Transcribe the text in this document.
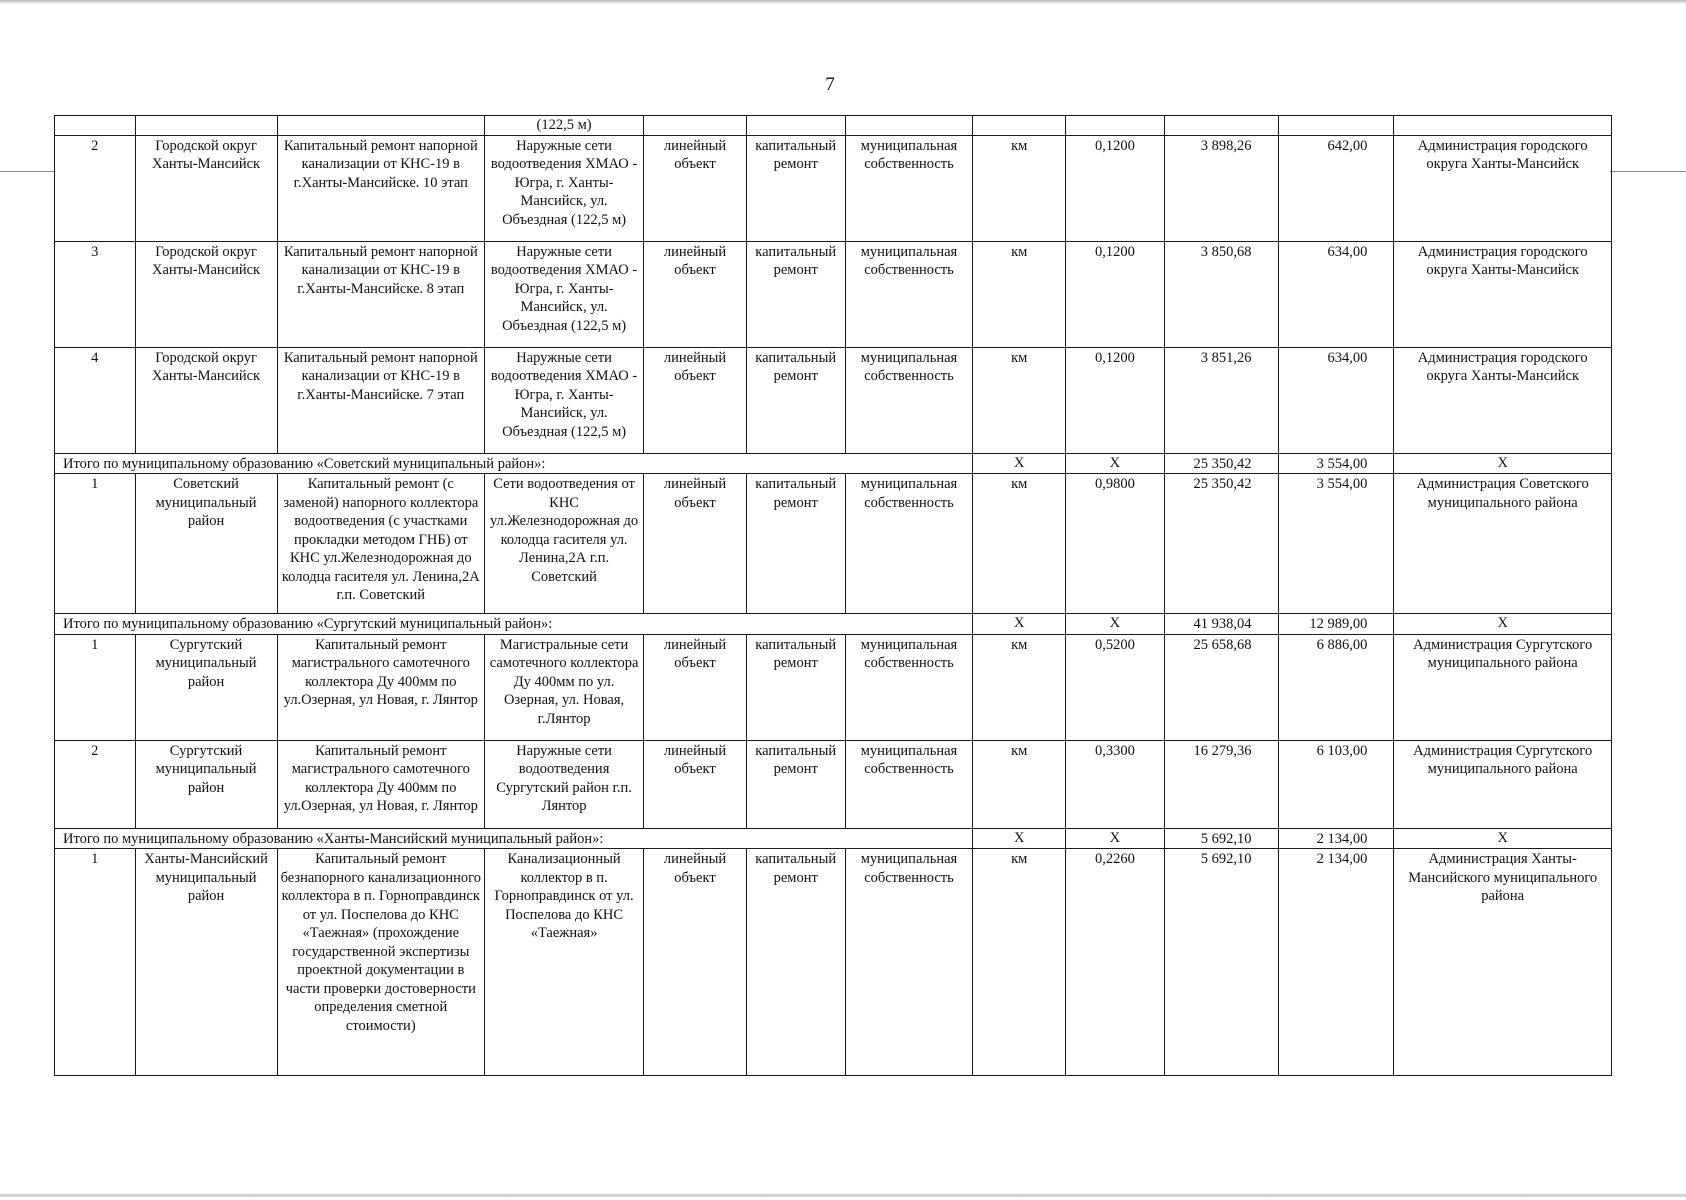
7
			(122,5 м)								
2	Городской округ Ханты-Мансийск	Капитальный ремонт напорной канализации от КНС-19 в г.Ханты-Мансийске. 10 этап	Наружные сети водоотведения ХМАО - Югра, г. Ханты-Мансийск, ул. Объездная (122,5 м)	линейный объект	капитальный ремонт	муниципальная собственность	км	0,1200	3 898,26	642,00	Администрация городского округа Ханты-Мансийск
3	Городской округ Ханты-Мансийск	Капитальный ремонт напорной канализации от КНС-19 в г.Ханты-Мансийске. 8 этап	Наружные сети водоотведения ХМАО - Югра, г. Ханты-Мансийск, ул. Объездная (122,5 м)	линейный объект	капитальный ремонт	муниципальная собственность	км	0,1200	3 850,68	634,00	Администрация городского округа Ханты-Мансийск
4	Городской округ Ханты-Мансийск	Капитальный ремонт напорной канализации от КНС-19 в г.Ханты-Мансийске. 7 этап	Наружные сети водоотведения ХМАО - Югра, г. Ханты-Мансийск, ул. Объездная (122,5 м)	линейный объект	капитальный ремонт	муниципальная собственность	км	0,1200	3 851,26	634,00	Администрация городского округа Ханты-Мансийск
Итого по муниципальному образованию «Советский муниципальный район»:							Х	Х	25 350,42	3 554,00	Х
1	Советский муниципальный район	Капитальный ремонт (с заменой) напорного коллектора водоотведения (с участками прокладки методом ГНБ) от КНС ул.Железнодорожная до колодца гасителя ул. Ленина,2А г.п. Советский	Сети водоотведения от КНС ул.Железнодорожная до колодца гасителя ул. Ленина,2А г.п. Советский	линейный объект	капитальный ремонт	муниципальная собственность	км	0,9800	25 350,42	3 554,00	Администрация Советского муниципального района
Итого по муниципальному образованию «Сургутский муниципальный район»:							Х	Х	41 938,04	12 989,00	Х
1	Сургутский муниципальный район	Капитальный ремонт магистрального самотечного коллектора Ду 400мм по ул.Озерная, ул Новая, г. Лянтор	Магистральные сети самотечного коллектора Ду 400мм по ул. Озерная, ул. Новая, г.Лянтор	линейный объект	капитальный ремонт	муниципальная собственность	км	0,5200	25 658,68	6 886,00	Администрация Сургутского муниципального района
2	Сургутский муниципальный район	Капитальный ремонт магистрального самотечного коллектора Ду 400мм по ул.Озерная, ул Новая, г. Лянтор	Наружные сети водоотведения Сургутский район г.п. Лянтор	линейный объект	капитальный ремонт	муниципальная собственность	км	0,3300	16 279,36	6 103,00	Администрация Сургутского муниципального района
Итого по муниципальному образованию «Ханты-Мансийский муниципальный район»:							Х	Х	5 692,10	2 134,00	Х
1	Ханты-Мансийский муниципальный район	Капитальный ремонт безнапорного канализационного коллектора в п. Горноправдинск от ул. Поспелова до КНС «Таежная» (прохождение государственной экспертизы проектной документации в части проверки достоверности определения сметной стоимости)	Канализационный коллектор в п. Горноправдинск от ул. Поспелова до КНС «Таежная»	линейный объект	капитальный ремонт	муниципальная собственность	км	0,2260	5 692,10	2 134,00	Администрация Ханты-Мансийского муниципального района
